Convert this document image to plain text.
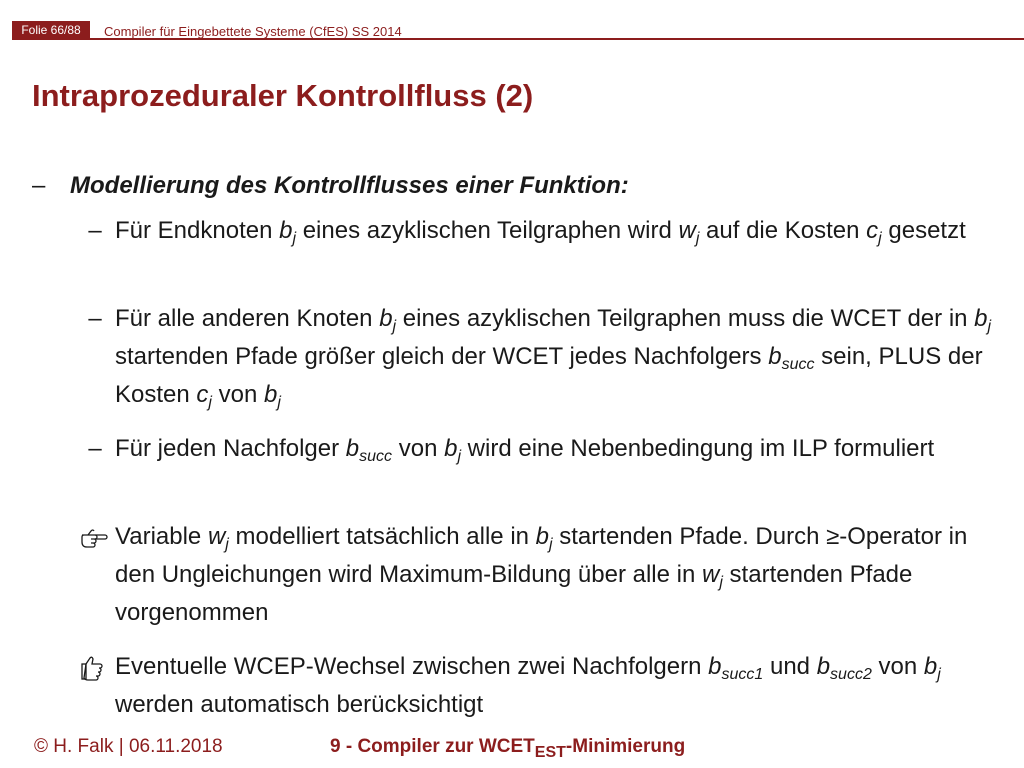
Folie 66/88	Compiler für Eingebettete Systeme (CfES) SS 2014
Intraprozeduraler Kontrollfluss (2)
– Modellierung des Kontrollflusses einer Funktion:
– Für Endknoten $b_j$ eines azyklischen Teilgraphen wird $w_j$ auf die Kosten $c_j$ gesetzt
– Für alle anderen Knoten $b_j$ eines azyklischen Teilgraphen muss die WCET der in $b_j$ startenden Pfade größer gleich der WCET jedes Nachfolgers $b_{succ}$ sein, PLUS der Kosten $c_j$ von $b_j$
– Für jeden Nachfolger $b_{succ}$ von $b_j$ wird eine Nebenbedingung im ILP formuliert
Variable $w_j$ modelliert tatsächlich alle in $b_j$ startenden Pfade. Durch ≥-Operator in den Ungleichungen wird Maximum-Bildung über alle in $w_j$ startenden Pfade vorgenommen
Eventuelle WCEP-Wechsel zwischen zwei Nachfolgern $b_{succ1}$ und $b_{succ2}$ von $b_j$ werden automatisch berücksichtigt
© H. Falk | 06.11.2018	9 - Compiler zur $WCET_{EST}$-Minimierung
